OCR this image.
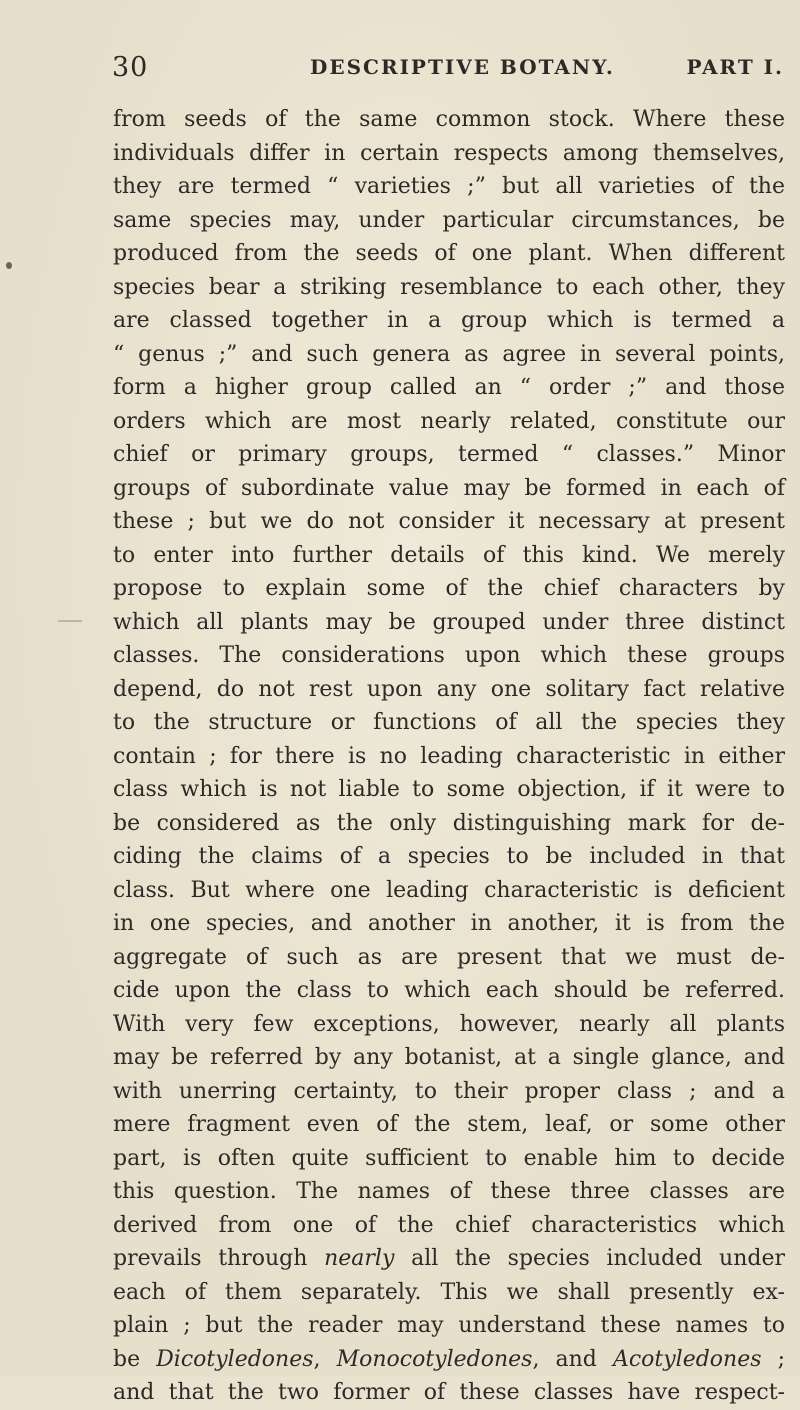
30	DESCRIPTIVE BOTANY.	PART I.
from seeds of the same common stock. Where these
individuals differ in certain respects among themselves,
they are termed “ varieties ;” but all varieties of the
same species may, under particular circumstances, be
produced from the seeds of one plant. When different
species bear a striking resemblance to each other, they
are classed together in a group which is termed a
“ genus ;” and such genera as agree in several points,
form a higher group called an “ order ;” and those
orders which are most nearly related, constitute our
chief or primary groups, termed “ classes.” Minor
groups of subordinate value may be formed in each of
these ; but we do not consider it necessary at present
to enter into further details of this kind. We merely
propose to explain some of the chief characters by
which all plants may be grouped under three distinct
classes. The considerations upon which these groups
depend, do not rest upon any one solitary fact relative
to the structure or functions of all the species they
contain ; for there is no leading characteristic in either
class which is not liable to some objection, if it were to
be considered as the only distinguishing mark for de-
ciding the claims of a species to be included in that
class. But where one leading characteristic is deficient
in one species, and another in another, it is from the
aggregate of such as are present that we must de-
cide upon the class to which each should be referred.
With very few exceptions, however, nearly all plants
may be referred by any botanist, at a single glance, and
with unerring certainty, to their proper class ; and a
mere fragment even of the stem, leaf, or some other
part, is often quite sufficient to enable him to decide
this question. The names of these three classes are
derived from one of the chief characteristics which
prevails through nearly all the species included under
each of them separately. This we shall presently ex-
plain ; but the reader may understand these names to
be Dicotyledones, Monocotyledones, and Acotyledones ;
and that the two former of these classes have respect-
